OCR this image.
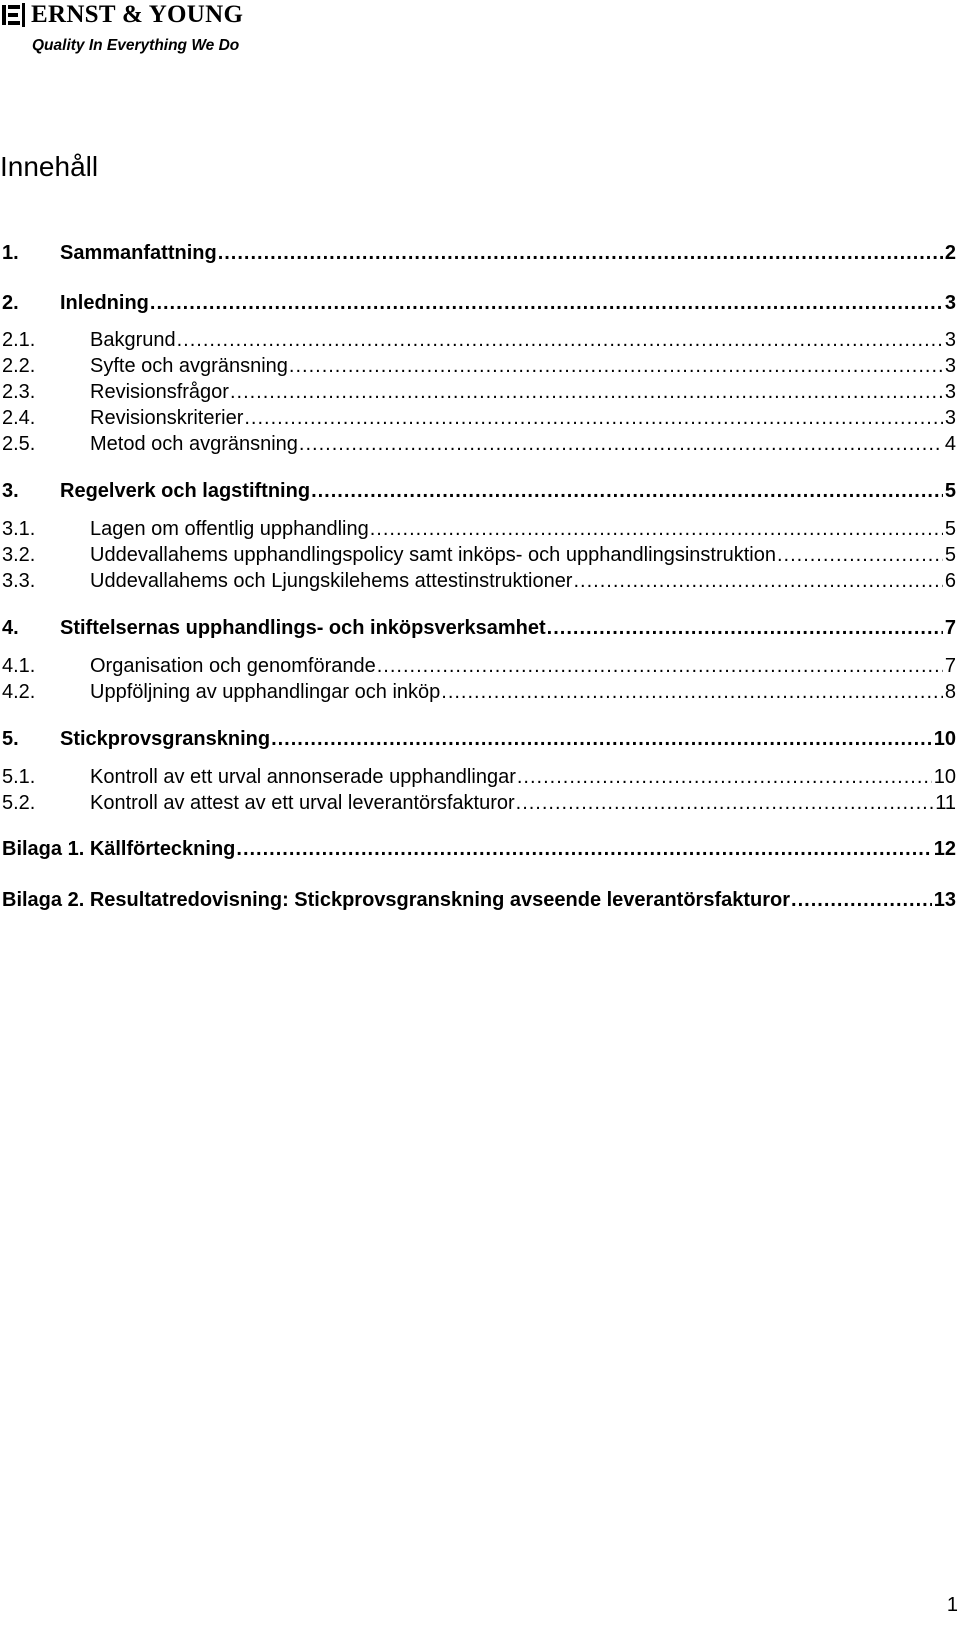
ERNST & YOUNG
Quality In Everything We Do
Innehåll
1.	Sammanfattning .....	2
2.	Inledning .....	3
2.1.	Bakgrund .....	3
2.2.	Syfte och avgränsning .....	3
2.3.	Revisionsfrågor .....	3
2.4.	Revisionskriterier .....	3
2.5.	Metod och avgränsning .....	4
3.	Regelverk och lagstiftning .....	5
3.1.	Lagen om offentlig upphandling .....	5
3.2.	Uddevallahems upphandlingspolicy samt inköps- och upphandlingsinstruktion .....	5
3.3.	Uddevallahems och Ljungskilehems attestinstruktioner .....	6
4.	Stiftelsernas upphandlings- och inköpsverksamhet .....	7
4.1.	Organisation och genomförande .....	7
4.2.	Uppföljning av upphandlingar och inköp .....	8
5.	Stickprovsgranskning .....	10
5.1.	Kontroll av ett urval annonserade upphandlingar .....	10
5.2.	Kontroll av attest av ett urval leverantörsfakturor .....	11
Bilaga 1. Källförteckning .....	12
Bilaga 2. Resultatredovisning: Stickprovsgranskning avseende leverantörsfakturor .....	13
1
